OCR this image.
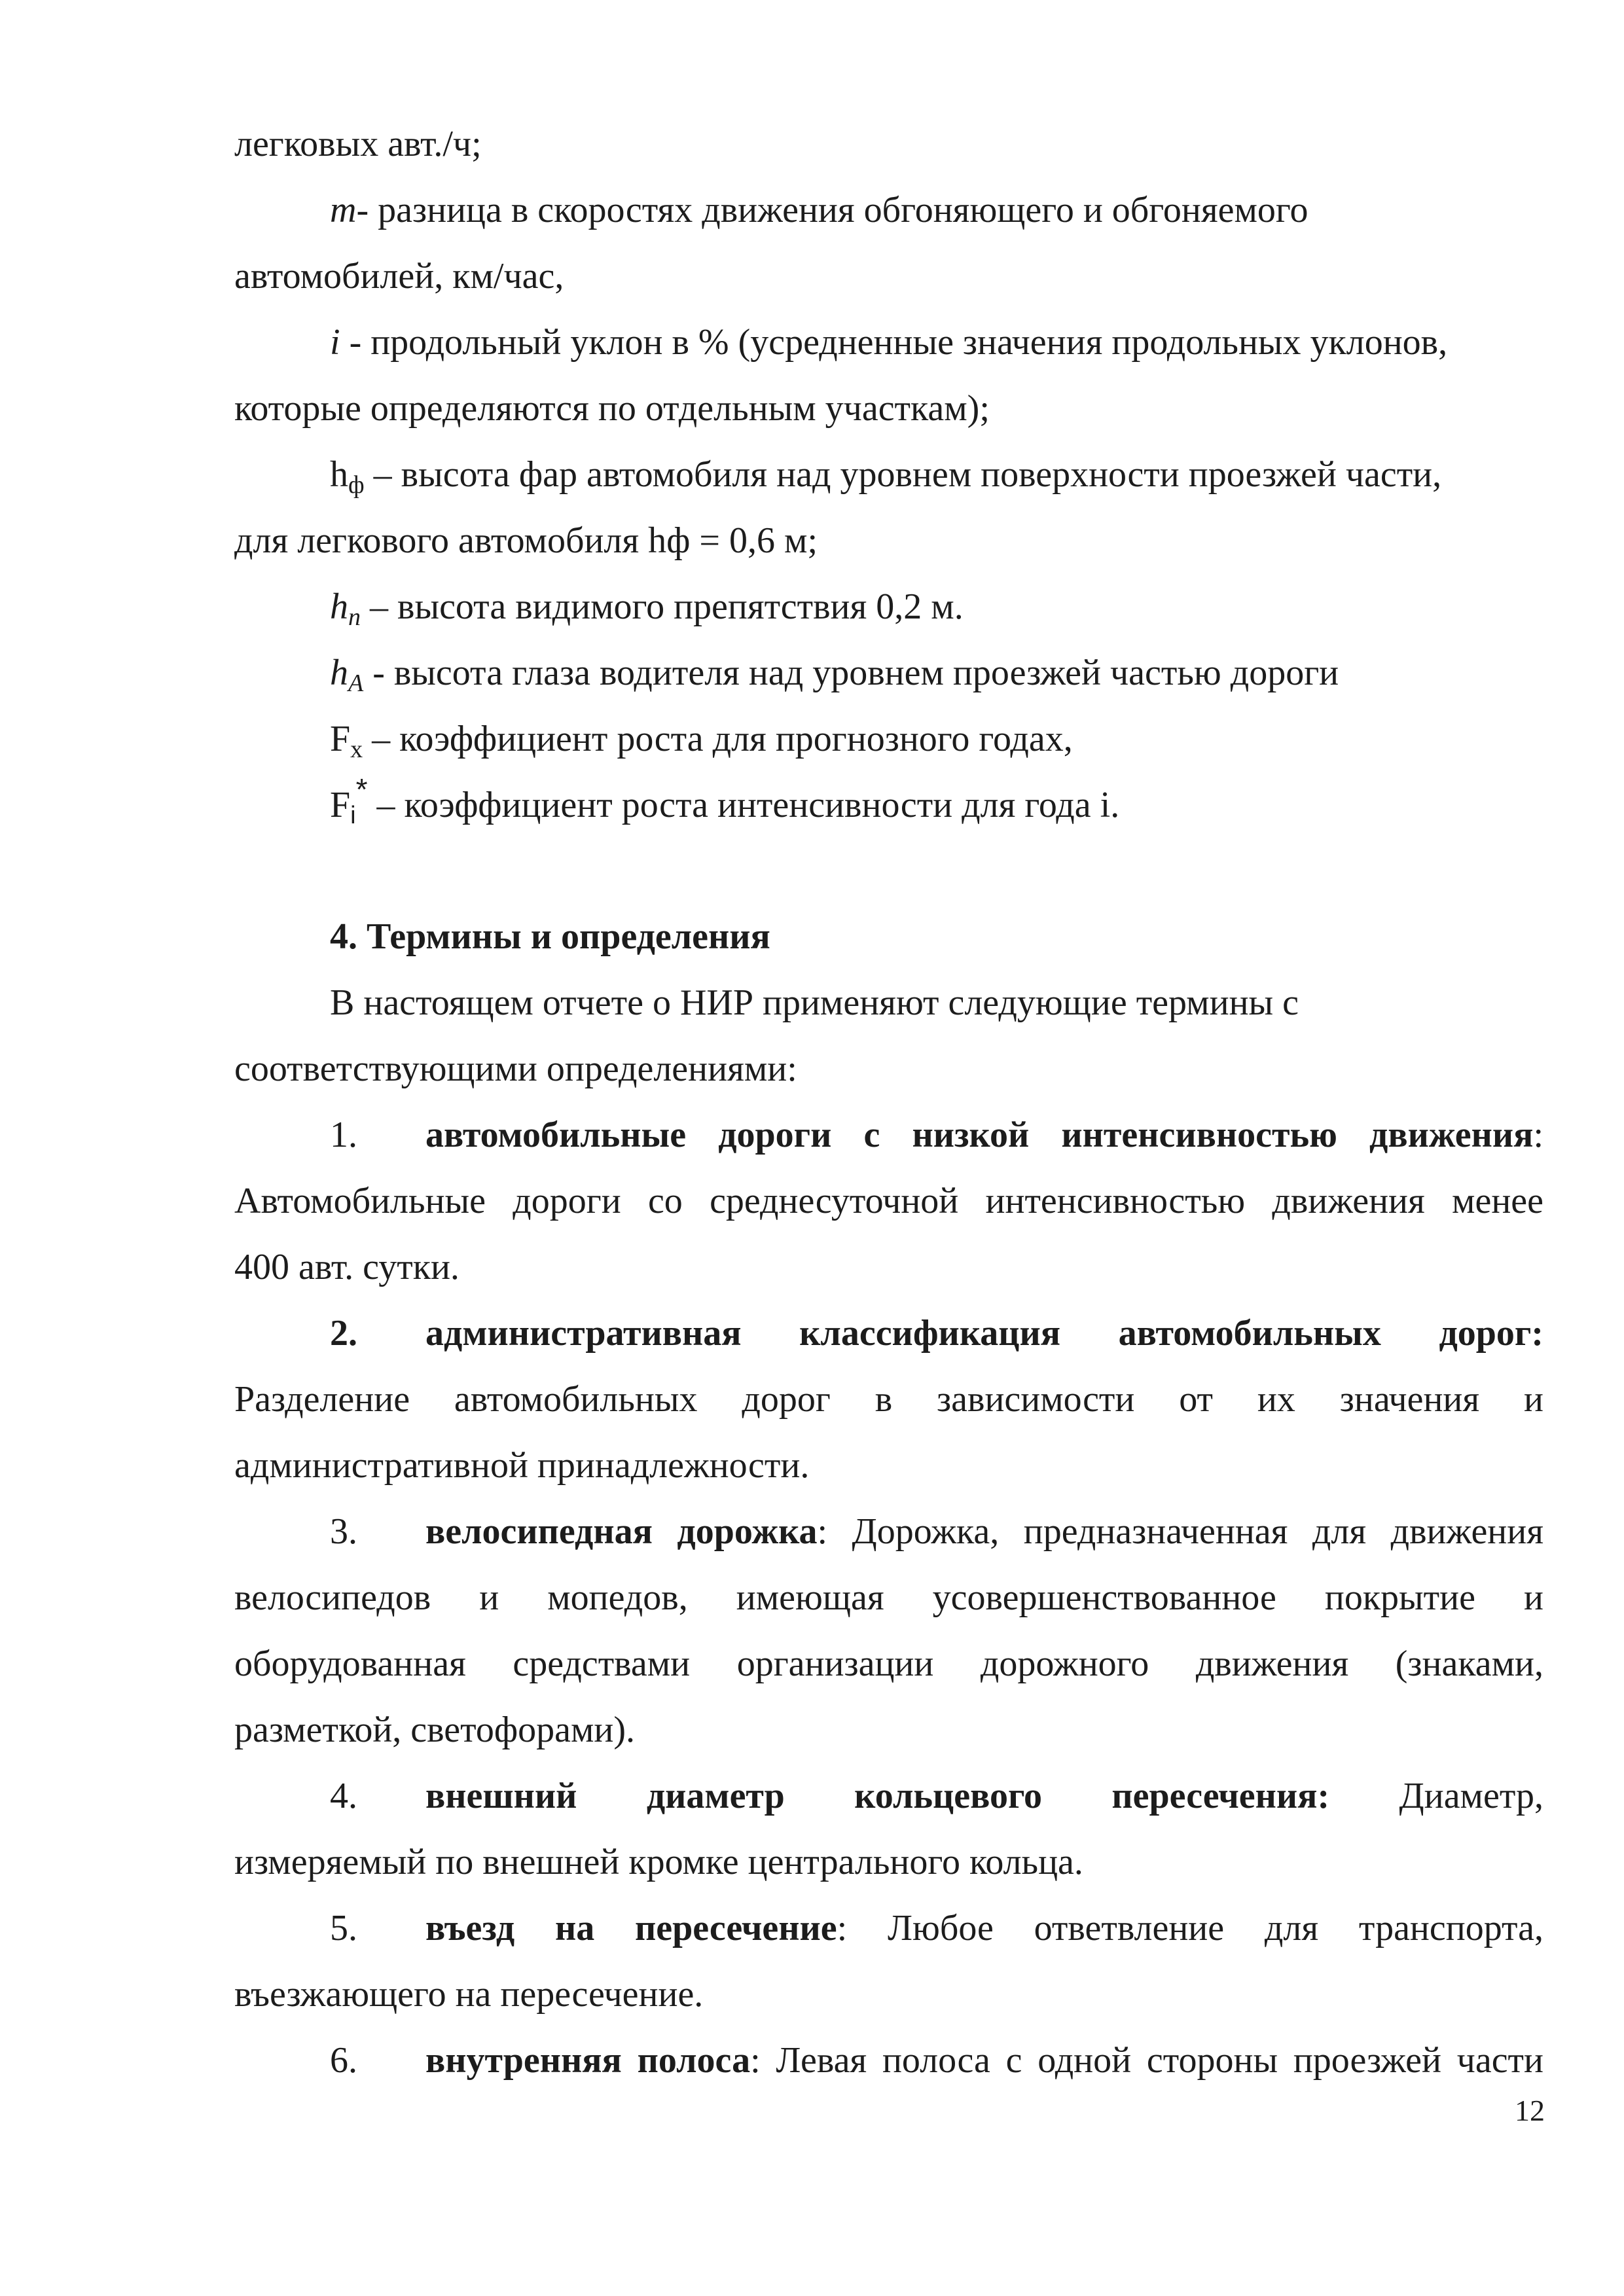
легковых авт./ч;

m- разница в скоростях движения обгоняющего и обгоняемого

автомобилей, км/час,

i - продольный уклон в % (усредненные значения продольных уклонов,

которые определяются по отдельным участкам);

$h_ф$ – высота фар автомобиля над уровнем поверхности проезжей части,

для легкового автомобиля hф = 0,6 м;

$h_n$ – высота видимого препятствия 0,2 м.

$h_A$ - высота глаза водителя над уровнем проезжей частью дороги

$F_x$ – коэффициент роста для прогнозного годах,

$F_i^*$ – коэффициент роста интенсивности для года i.

4. Термины и определения

В настоящем отчете о НИР применяют следующие термины с

соответствующими определениями:

1.	автомобильные дороги с низкой интенсивностью движения:

Автомобильные дороги со среднесуточной интенсивностью движения менее

400 авт. сутки.

2.	административная классификация автомобильных дорог:

Разделение автомобильных дорог в зависимости от их значения и

административной принадлежности.

3.	велосипедная дорожка: Дорожка, предназначенная для движения

велосипедов и мопедов, имеющая усовершенствованное покрытие и

оборудованная средствами организации дорожного движения (знаками,

разметкой, светофорами).

4.	внешний диаметр кольцевого пересечения: Диаметр,

измеряемый по внешней кромке центрального кольца.

5.	въезд на пересечение: Любое ответвление для транспорта,

въезжающего на пересечение.

6.	внутренняя полоса: Левая полоса с одной стороны проезжей части
12
